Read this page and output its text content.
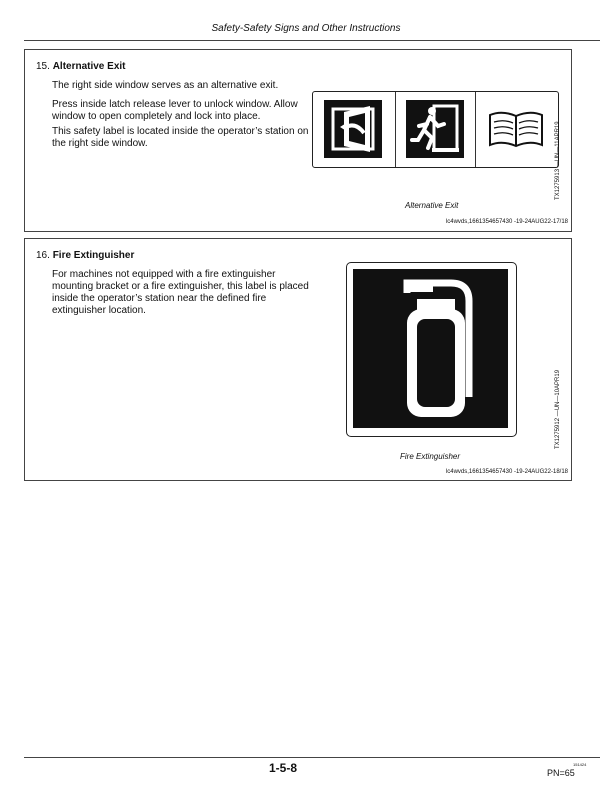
Safety-Safety Signs and Other Instructions
15. Alternative Exit
The right side window serves as an alternative exit.
Press inside latch release lever to unlock window. Allow window to open completely and lock into place.
This safety label is located inside the operator’s station on the right side window.	TX1275913 —UN—11APR19
Alternative Exit
lc4wvds,1661354657430 -19-24AUG22-17/18
16. Fire Extinguisher
For machines not equipped with a fire extinguisher mounting bracket or a fire extinguisher, this label is placed inside the operator’s station near the defined fire extinguisher location.
TX1275912 —UN—10APR19
Fire Extinguisher
lc4wvds,1661354657430 -19-24AUG22-18/18
1-5-8	151424
PN=65
